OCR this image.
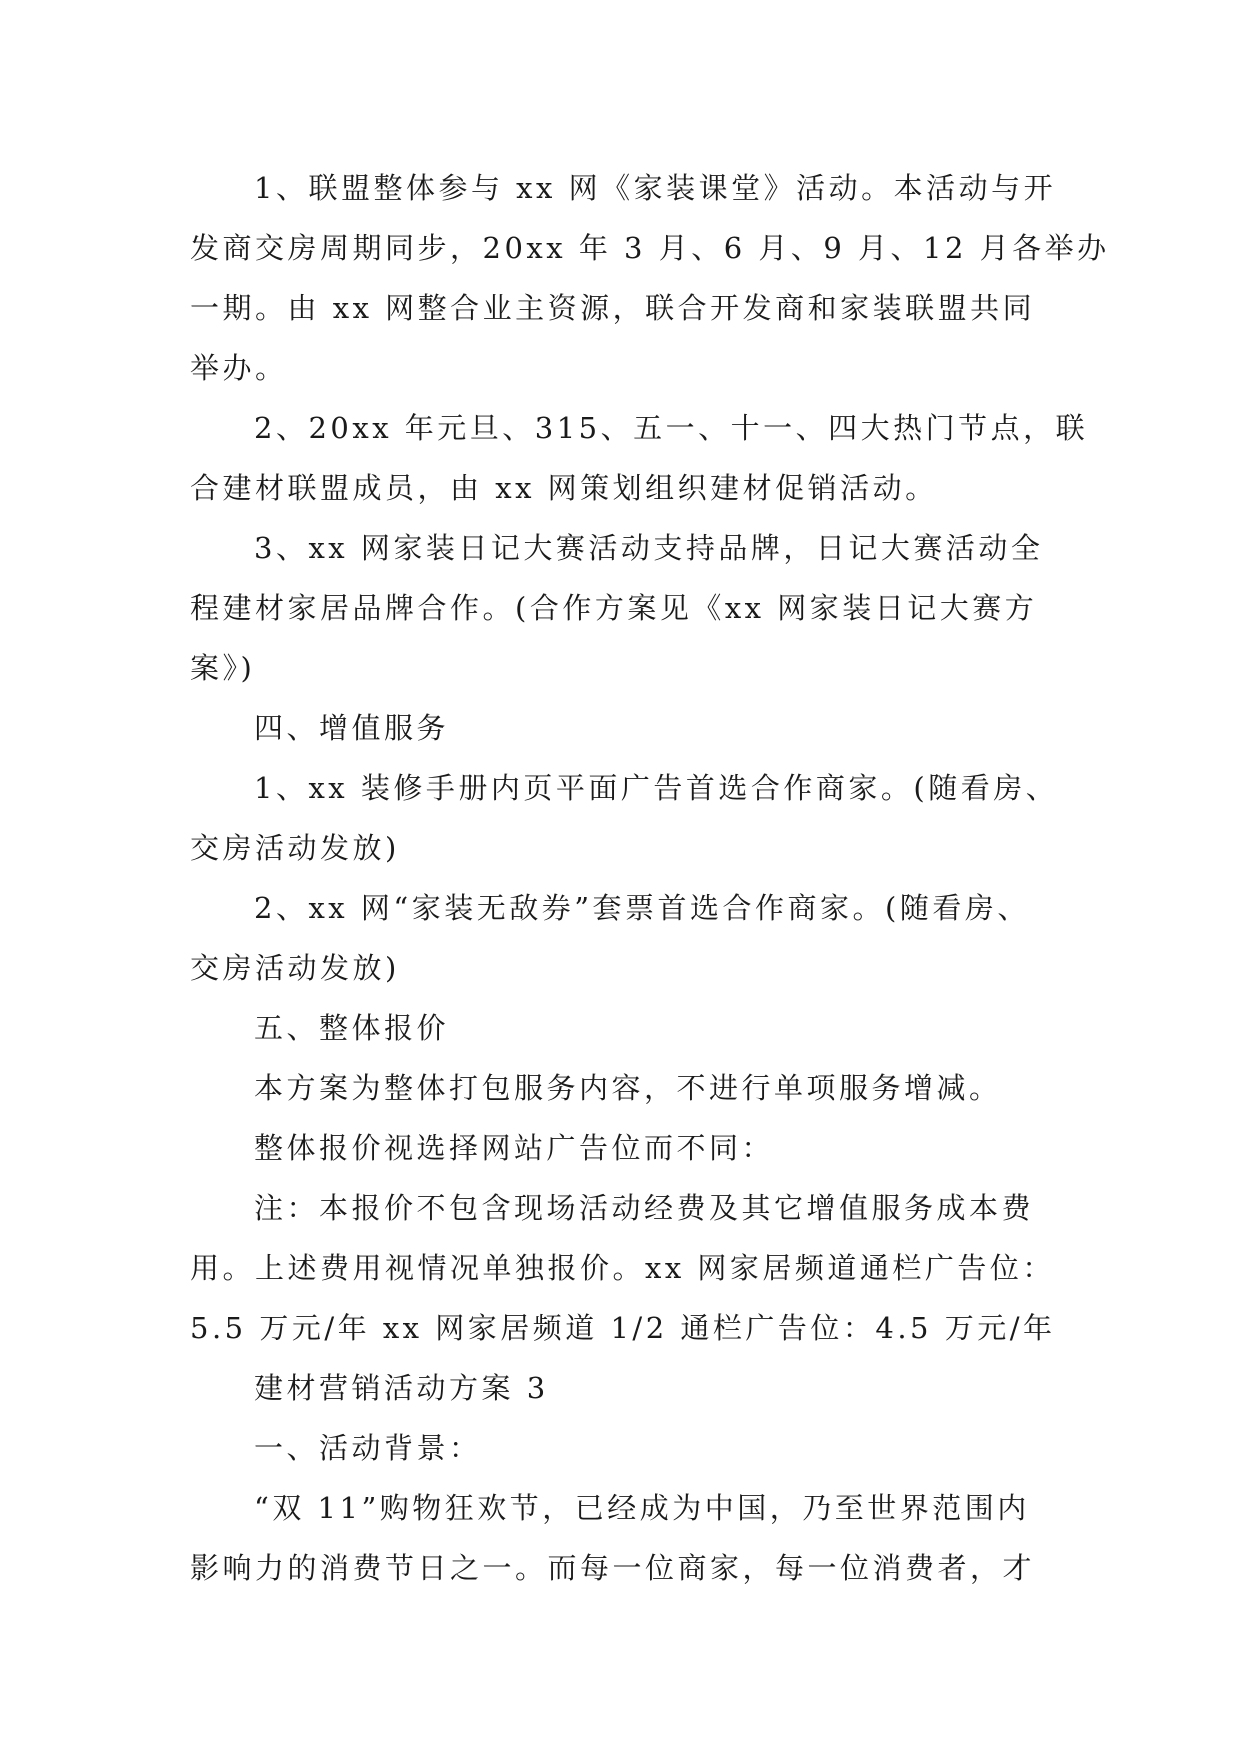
1、联盟整体参与 xx 网《家装课堂》活动。本活动与开
发商交房周期同步，20xx 年 3 月、6 月、9 月、12 月各举办
一期。由 xx 网整合业主资源，联合开发商和家装联盟共同
举办。
2、20xx 年元旦、315、五一、十一、四大热门节点，联
合建材联盟成员，由 xx 网策划组织建材促销活动。
3、xx 网家装日记大赛活动支持品牌，日记大赛活动全
程建材家居品牌合作。(合作方案见《xx 网家装日记大赛方
案》)
四、增值服务
1、xx 装修手册内页平面广告首选合作商家。(随看房、
交房活动发放)
2、xx 网“家装无敌券”套票首选合作商家。(随看房、
交房活动发放)
五、整体报价
本方案为整体打包服务内容，不进行单项服务增减。
整体报价视选择网站广告位而不同：
注：本报价不包含现场活动经费及其它增值服务成本费
用。上述费用视情况单独报价。xx 网家居频道通栏广告位：
5.5 万元/年 xx 网家居频道 1/2 通栏广告位：4.5 万元/年
建材营销活动方案 3
一、活动背景：
“双 11”购物狂欢节，已经成为中国，乃至世界范围内
影响力的消费节日之一。而每一位商家，每一位消费者，才
